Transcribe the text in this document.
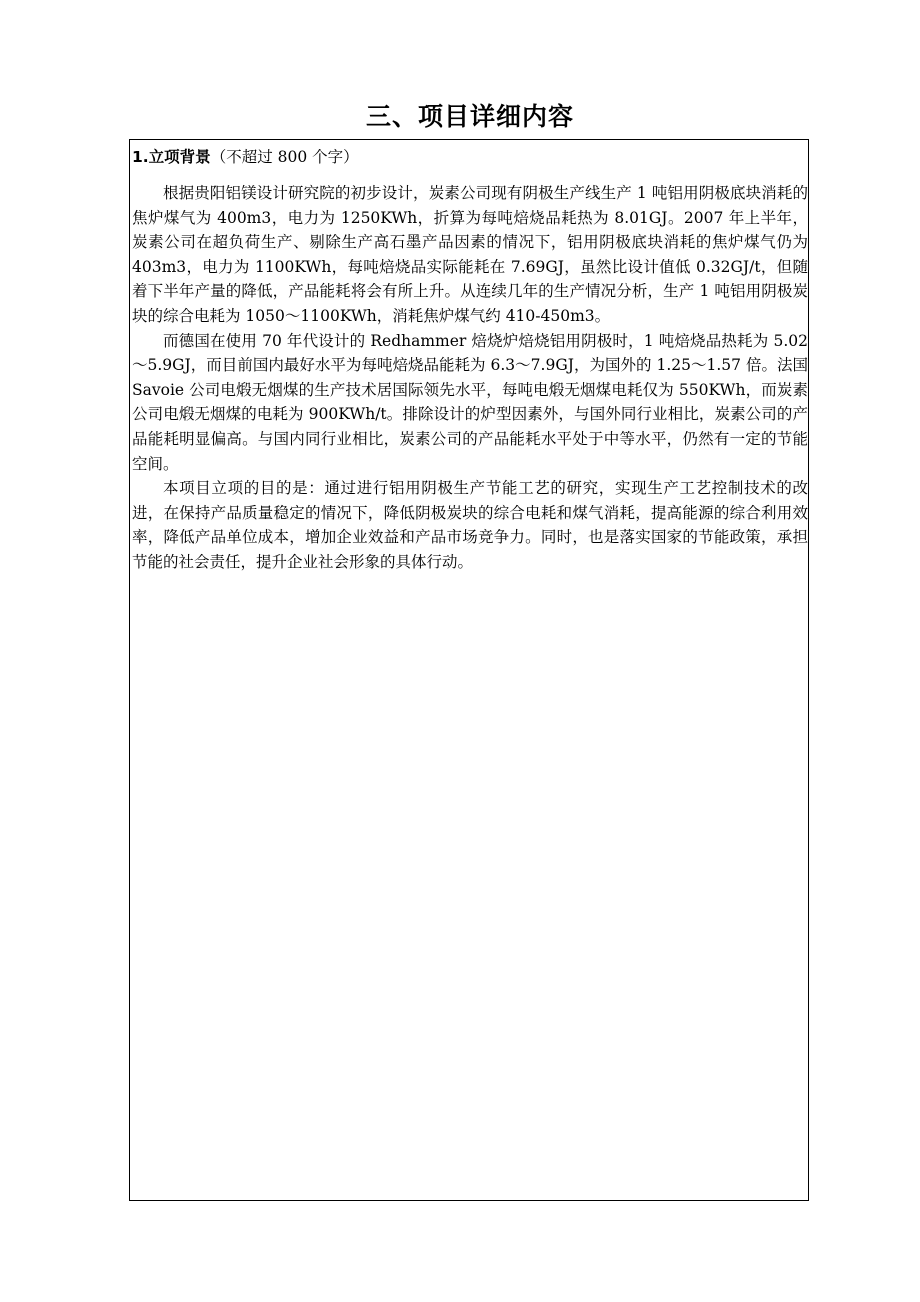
三、项目详细内容
1.立项背景（不超过 800 个字）

根据贵阳铝镁设计研究院的初步设计，炭素公司现有阴极生产线生产 1 吨铝用阴极底块消耗的焦炉煤气为 400m3，电力为 1250KWh，折算为每吨焙烧品耗热为 8.01GJ。2007 年上半年，炭素公司在超负荷生产、剔除生产高石墨产品因素的情况下，铝用阴极底块消耗的焦炉煤气仍为 403m3，电力为 1100KWh，每吨焙烧品实际能耗在 7.69GJ，虽然比设计值低 0.32GJ/t，但随着下半年产量的降低，产品能耗将会有所上升。从连续几年的生产情况分析，生产 1 吨铝用阴极炭块的综合电耗为 1050～1100KWh，消耗焦炉煤气约 410-450m3。

而德国在使用 70 年代设计的 Redhammer 焙烧炉焙烧铝用阴极时，1 吨焙烧品热耗为 5.02～5.9GJ，而目前国内最好水平为每吨焙烧品能耗为 6.3～7.9GJ，为国外的 1.25～1.57 倍。法国 Savoie 公司电煅无烟煤的生产技术居国际领先水平，每吨电煅无烟煤电耗仅为 550KWh，而炭素公司电煅无烟煤的电耗为 900KWh/t。排除设计的炉型因素外，与国外同行业相比，炭素公司的产品能耗明显偏高。与国内同行业相比，炭素公司的产品能耗水平处于中等水平，仍然有一定的节能空间。

本项目立项的目的是：通过进行铝用阴极生产节能工艺的研究，实现生产工艺控制技术的改进，在保持产品质量稳定的情况下，降低阴极炭块的综合电耗和煤气消耗，提高能源的综合利用效率，降低产品单位成本，增加企业效益和产品市场竞争力。同时，也是落实国家的节能政策，承担节能的社会责任，提升企业社会形象的具体行动。
